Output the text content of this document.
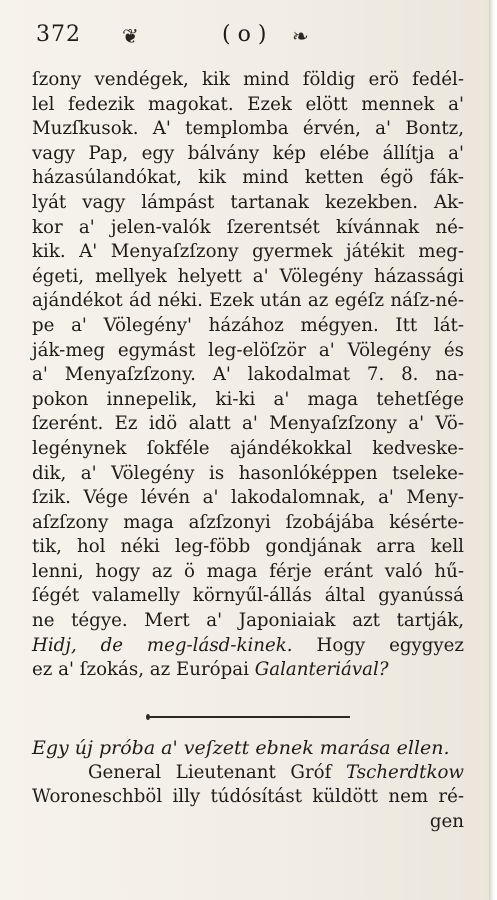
372 ❦	( o ) ❧
ſzony vendégek, kik mind földig erö fedél-
lel fedezik magokat. Ezek elött mennek a'
Muzſkusok. A' templomba érvén, a' Bontz,
vagy Pap, egy bálvány kép elébe állítja a'
házasúlandókat, kik mind ketten égö fák-
lyát vagy lámpást tartanak kezekben. Ak-
kor a' jelen-valók ſzerentsét kívánnak né-
kik. A' Menyaſzſzony gyermek játékit meg-
égeti, mellyek helyett a' Völegény házassági
ajándékot ád néki. Ezek után az egéſz náſz-né-
pe a' Völegény' házához mégyen. Itt lát-
ják-meg egymást leg-elöſzör a' Völegény és
a' Menyaſzſzony. A' lakodalmat 7. 8. na-
pokon innepelik, ki-ki a' maga tehetſége
ſzerént. Ez idö alatt a' Menyaſzſzony a' Vö-
legénynek ſokféle ajándékokkal kedveske-
dik, a' Völegény is hasonlóképpen tseleke-
ſzik. Vége lévén a' lakodalomnak, a' Meny-
aſzſzony maga aſzſzonyi ſzobájába késérte-
tik, hol néki leg-föbb gondjának arra kell
lenni, hogy az ö maga férje eránt való hű-
ſégét valamelly környűl-állás által gyanússá
ne tégye. Mert a' Japoniaiak azt tartják,
Hidj, de meg-lásd-kinek. Hogy egygyez
ez a' ſzokás, az Európai Galanteriával?
Egy új próba a' veſzett ebnek marása ellen.
General Lieutenant Gróf Tscherdtkow
Woroneschböl illy túdósítást küldött nem ré-
gen
